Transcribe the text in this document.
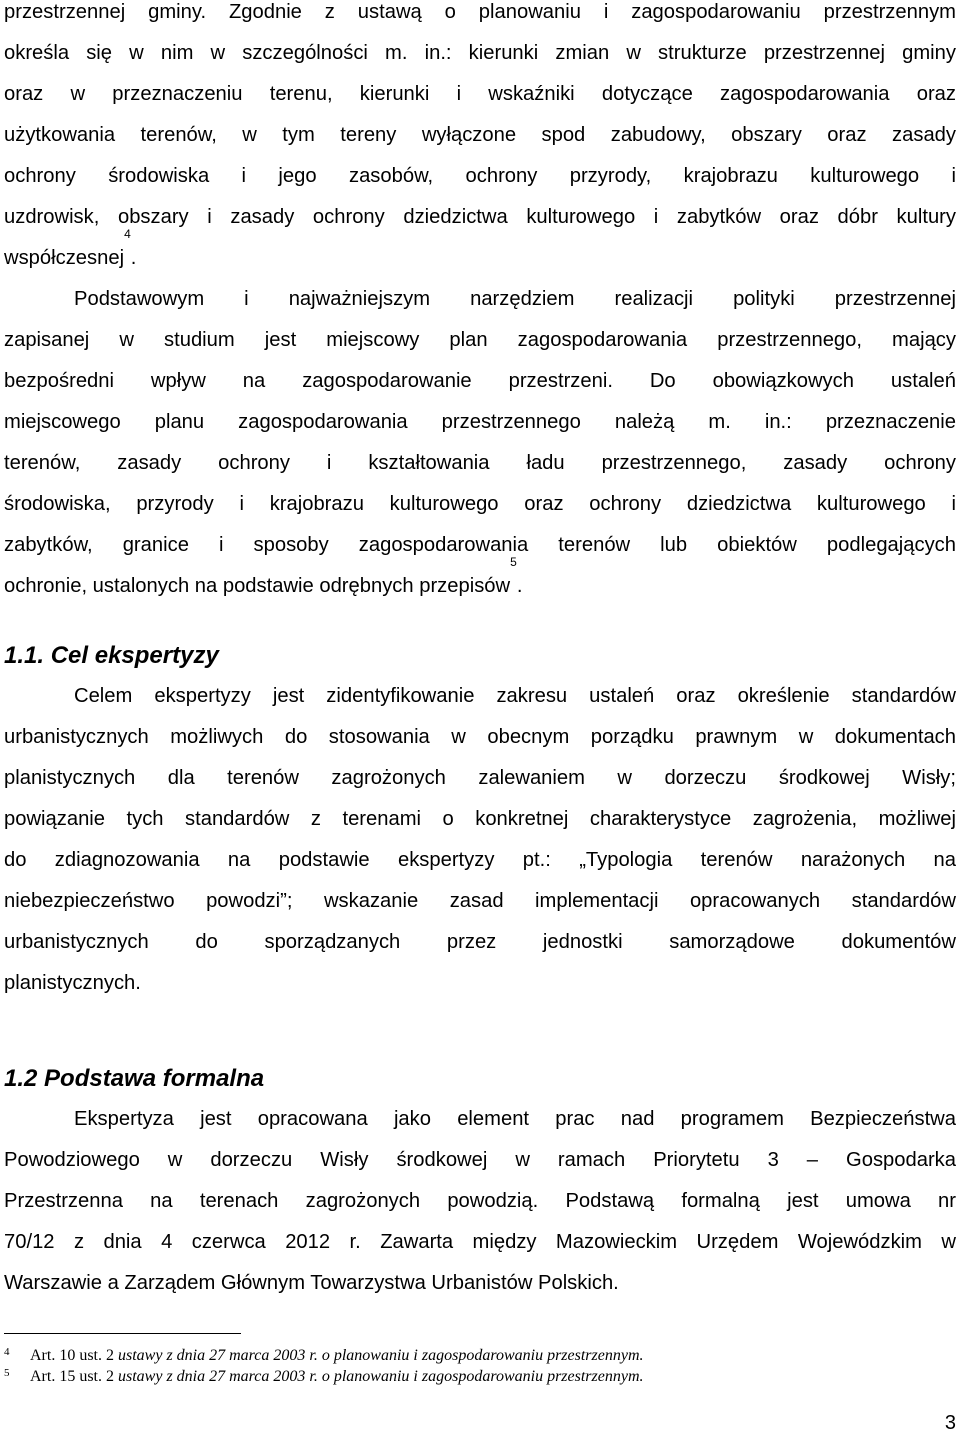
przestrzennej gminy. Zgodnie z ustawą o planowaniu i zagospodarowaniu przestrzennym
określa się w nim w szczególności m. in.: kierunki zmian w strukturze przestrzennej gminy
oraz w przeznaczeniu terenu, kierunki i wskaźniki dotyczące zagospodarowania oraz
użytkowania terenów, w tym tereny wyłączone spod zabudowy, obszary oraz zasady
ochrony środowiska i jego zasobów, ochrony przyrody, krajobrazu kulturowego i
uzdrowisk, obszary i zasady ochrony dziedzictwa kulturowego i zabytków oraz dóbr kultury
współczesnej$^4$.
Podstawowym i najważniejszym narzędziem realizacji polityki przestrzennej
zapisanej w studium jest miejscowy plan zagospodarowania przestrzennego, mający
bezpośredni wpływ na zagospodarowanie przestrzeni. Do obowiązkowych ustaleń
miejscowego planu zagospodarowania przestrzennego należą m. in.: przeznaczenie
terenów, zasady ochrony i kształtowania ładu przestrzennego, zasady ochrony
środowiska, przyrody i krajobrazu kulturowego oraz ochrony dziedzictwa kulturowego i
zabytków, granice i sposoby zagospodarowania terenów lub obiektów podlegających
ochronie, ustalonych na podstawie odrębnych przepisów$^5$.
1.1. Cel ekspertyzy
Celem ekspertyzy jest zidentyfikowanie zakresu ustaleń oraz określenie standardów
urbanistycznych możliwych do stosowania w obecnym porządku prawnym w dokumentach
planistycznych dla terenów zagrożonych zalewaniem w dorzeczu środkowej Wisły;
powiązanie tych standardów z terenami o konkretnej charakterystyce zagrożenia, możliwej
do zdiagnozowania na podstawie ekspertyzy pt.: „Typologia terenów narażonych na
niebezpieczeństwo powodzi”; wskazanie zasad implementacji opracowanych standardów
urbanistycznych do sporządzanych przez jednostki samorządowe dokumentów
planistycznych.
1.2 Podstawa formalna
Ekspertyza jest opracowana jako element prac nad programem Bezpieczeństwa
Powodziowego w dorzeczu Wisły środkowej w ramach Priorytetu 3 – Gospodarka
Przestrzenna na terenach zagrożonych powodzią. Podstawą formalną jest umowa nr
70/12 z dnia 4 czerwca 2012 r. Zawarta między Mazowieckim Urzędem Wojewódzkim w
Warszawie a Zarządem Głównym Towarzystwa Urbanistów Polskich.
4 Art. 10 ust. 2 ustawy z dnia 27 marca 2003 r. o planowaniu i zagospodarowaniu przestrzennym.
5 Art. 15 ust. 2 ustawy z dnia 27 marca 2003 r. o planowaniu i zagospodarowaniu przestrzennym.
3
